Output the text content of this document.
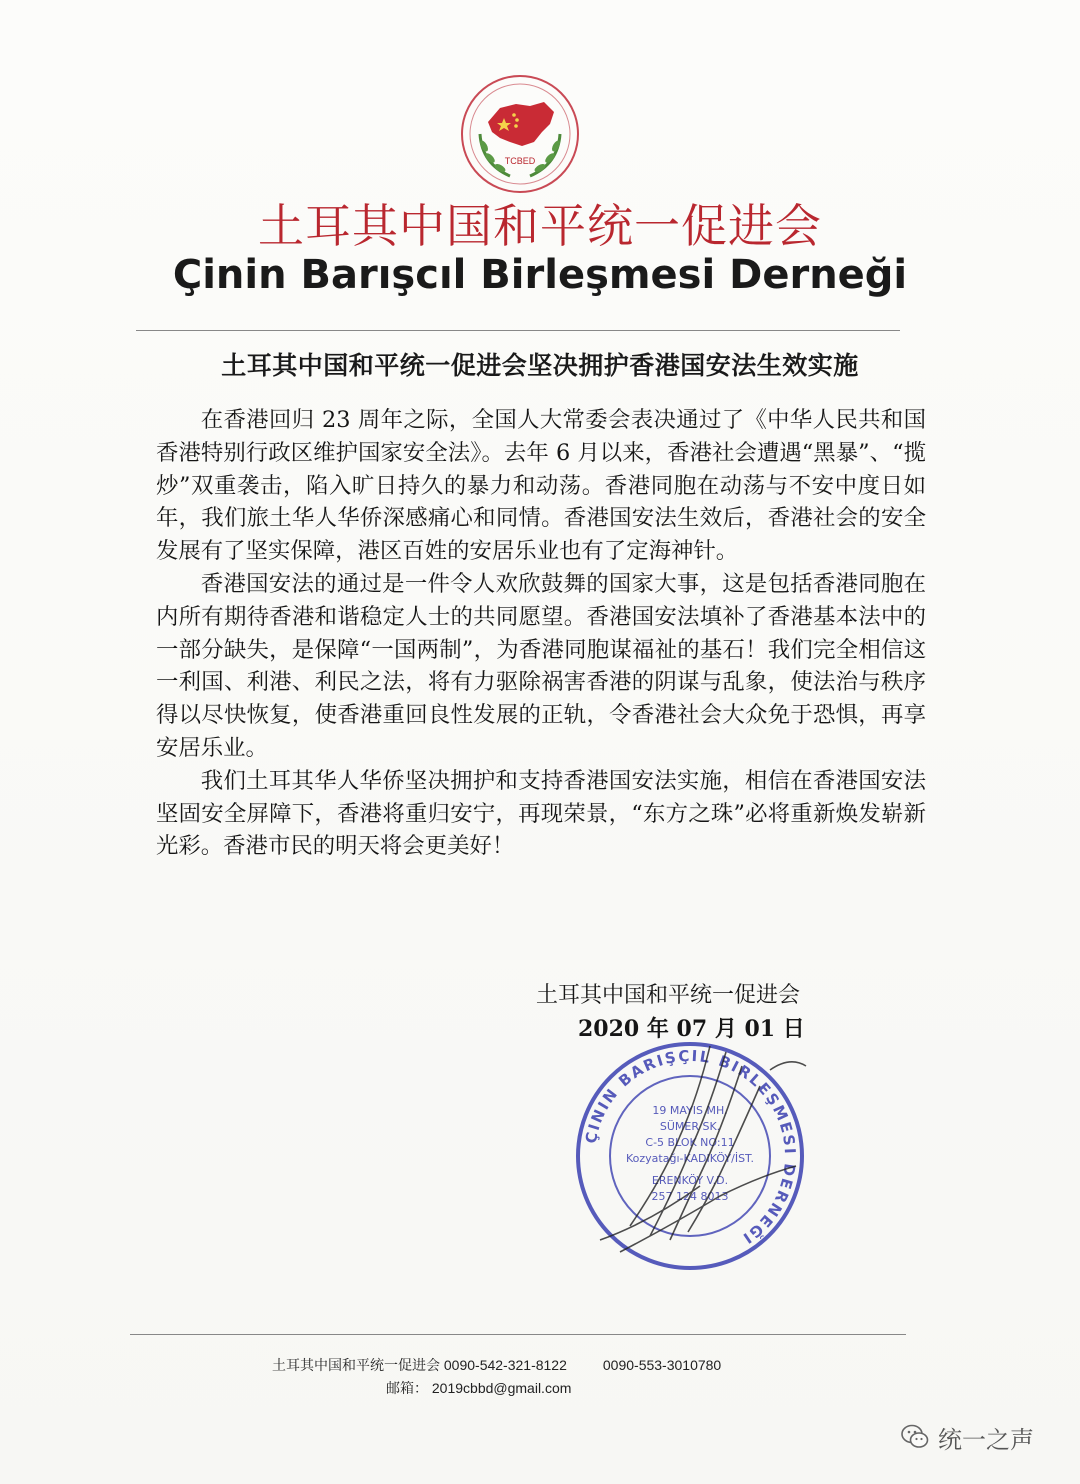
TCBED
土耳其中国和平统一促进会
Çinin Barışcıl Birleşmesi Derneği
土耳其中国和平统一促进会坚决拥护香港国安法生效实施

在香港回归 23 周年之际，全国人大常委会表决通过了《中华人民共和国香港特别行政区维护国家安全法》。去年 6 月以来，香港社会遭遇“黑暴”、“揽炒”双重袭击，陷入旷日持久的暴力和动荡。香港同胞在动荡与不安中度日如年，我们旅土华人华侨深感痛心和同情。香港国安法生效后，香港社会的安全发展有了坚实保障，港区百姓的安居乐业也有了定海神针。

香港国安法的通过是一件令人欢欣鼓舞的国家大事，这是包括香港同胞在内所有期待香港和谐稳定人士的共同愿望。香港国安法填补了香港基本法中的一部分缺失，是保障“一国两制”，为香港同胞谋福祉的基石！我们完全相信这一利国、利港、利民之法，将有力驱除祸害香港的阴谋与乱象，使法治与秩序得以尽快恢复，使香港重回良性发展的正轨，令香港社会大众免于恐惧，再享安居乐业。

我们土耳其华人华侨坚决拥护和支持香港国安法实施，相信在香港国安法坚固安全屏障下，香港将重归安宁，再现荣景，“东方之珠”必将重新焕发崭新光彩。香港市民的明天将会更美好！

土耳其中国和平统一促进会
2020 年 07 月 01 日
ÇININ BARIŞÇIL BIRLEŞMESI DERNEĞI
19 MAYIS MH.
SÜMER SK.
C-5 BLOK NO:11
Kozyatağı-KADIKÖY/İST.
ERENKÖY V.D.
257 124 8013
土耳其中国和平统一促进会 0090-542-321-8122	0090-553-3010780
邮箱： 2019cbbd@gmail.com
统一之声
